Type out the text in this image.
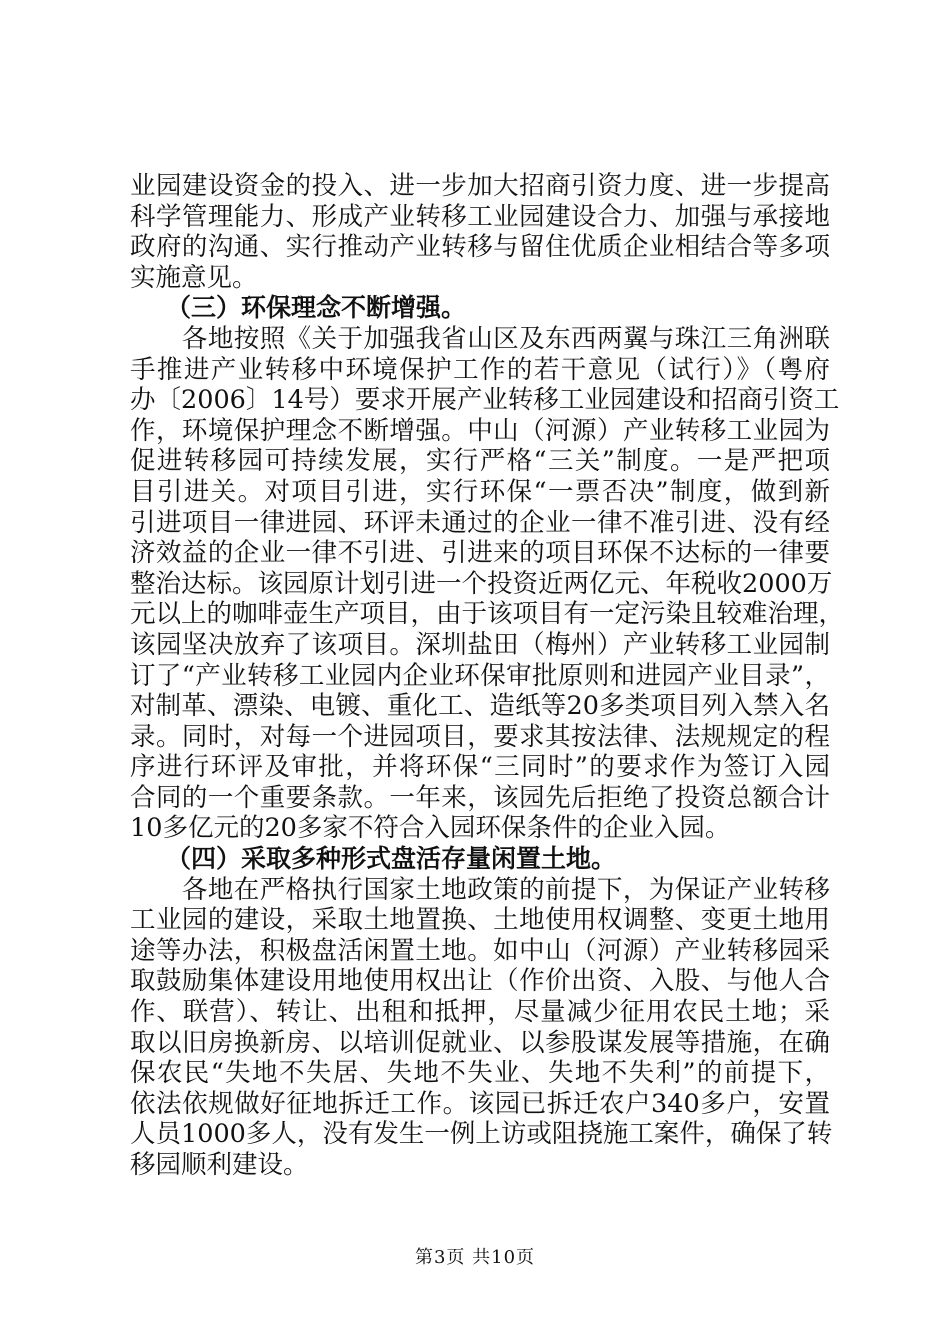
业园建设资金的投入、进一步加大招商引资力度、进一步提高
科学管理能力、形成产业转移工业园建设合力、加强与承接地
政府的沟通、实行推动产业转移与留住优质企业相结合等多项
实施意见。
（三）环保理念不断增强。
　　各地按照《关于加强我省山区及东西两翼与珠江三角洲联
手推进产业转移中环境保护工作的若干意见（试行）》（粤府
办〔2006〕14号）要求开展产业转移工业园建设和招商引资工
作，环境保护理念不断增强。中山（河源）产业转移工业园为
促进转移园可持续发展，实行严格“三关”制度。一是严把项
目引进关。对项目引进，实行环保“一票否决”制度，做到新
引进项目一律进园、环评未通过的企业一律不准引进、没有经
济效益的企业一律不引进、引进来的项目环保不达标的一律要
整治达标。该园原计划引进一个投资近两亿元、年税收2000万
元以上的咖啡壶生产项目，由于该项目有一定污染且较难治理，
该园坚决放弃了该项目。深圳盐田（梅州）产业转移工业园制
订了“产业转移工业园内企业环保审批原则和进园产业目录”，
对制革、漂染、电镀、重化工、造纸等20多类项目列入禁入名
录。同时，对每一个进园项目，要求其按法律、法规规定的程
序进行环评及审批，并将环保“三同时”的要求作为签订入园
合同的一个重要条款。一年来，该园先后拒绝了投资总额合计
10多亿元的20多家不符合入园环保条件的企业入园。
（四）采取多种形式盘活存量闲置土地。
　　各地在严格执行国家土地政策的前提下，为保证产业转移
工业园的建设，采取土地置换、土地使用权调整、变更土地用
途等办法，积极盘活闲置土地。如中山（河源）产业转移园采
取鼓励集体建设用地使用权出让（作价出资、入股、与他人合
作、联营）、转让、出租和抵押，尽量减少征用农民土地；采
取以旧房换新房、以培训促就业、以参股谋发展等措施，在确
保农民“失地不失居、失地不失业、失地不失利”的前提下，
依法依规做好征地拆迁工作。该园已拆迁农户340多户，安置
人员1000多人，没有发生一例上访或阻挠施工案件，确保了转
移园顺利建设。
第3页 共10页
